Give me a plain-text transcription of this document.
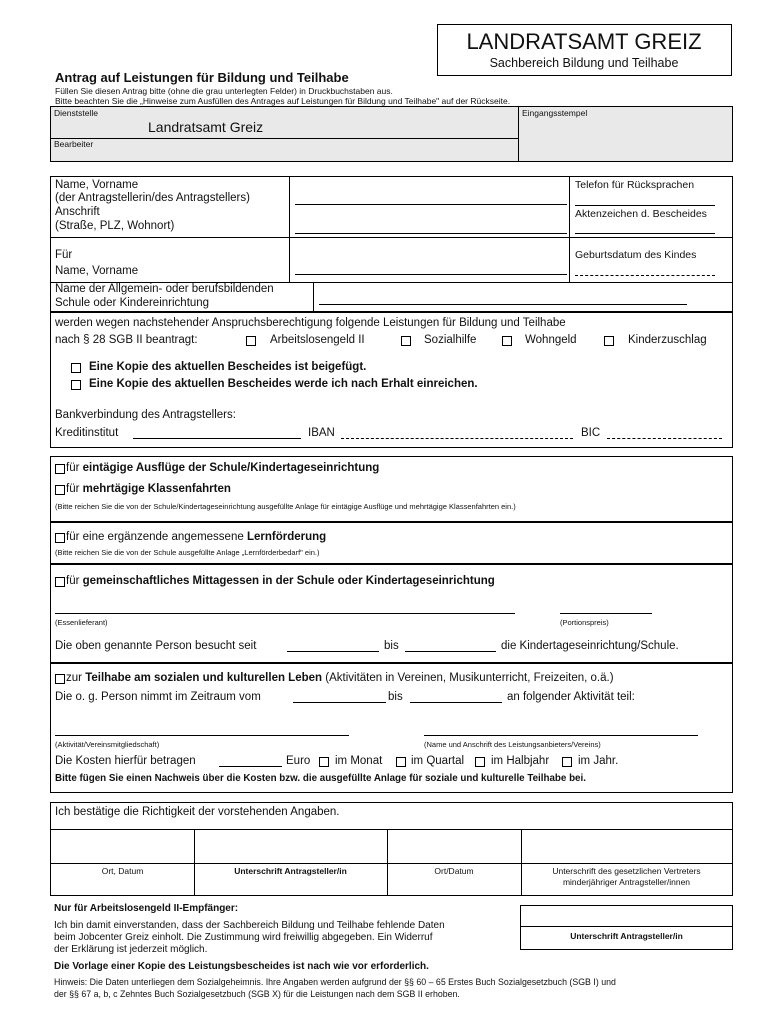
LANDRATSAMT GREIZ
Sachbereich Bildung und Teilhabe
Antrag auf Leistungen für Bildung und Teilhabe
Füllen Sie diesen Antrag bitte (ohne die grau unterlegten Felder) in Druckbuchstaben aus.
Bitte beachten Sie die „Hinweise zum Ausfüllen des Antrages auf Leistungen für Bildung und Teilhabe" auf der Rückseite.
Dienststelle
Landratsamt Greiz
Bearbeiter
Eingangsstempel
Name, Vorname
(der Antragstellerin/des Antragstellers)
Anschrift
(Straße, PLZ, Wohnort)
Telefon für Rücksprachen
Aktenzeichen d. Bescheides
Für
Name, Vorname
Geburtsdatum des Kindes
Name der Allgemein- oder berufsbildenden
Schule oder Kindereinrichtung
werden wegen nachstehender Anspruchsberechtigung folgende Leistungen für Bildung und Teilhabe
nach § 28 SGB II beantragt:	Arbeitslosengeld II	Sozialhilfe	Wohngeld	Kinderzuschlag
Eine Kopie des aktuellen Bescheides ist beigefügt.
Eine Kopie des aktuellen Bescheides werde ich nach Erhalt einreichen.
Bankverbindung des Antragstellers:
Kreditinstitut	IBAN	BIC
für eintägige Ausflüge der Schule/Kindertageseinrichtung
für mehrtägige Klassenfahrten
(Bitte reichen Sie die von der Schule/Kindertageseinrichtung ausgefüllte Anlage für eintägige Ausflüge und mehrtägige Klassenfahrten ein.)
für eine ergänzende angemessene Lernförderung
(Bitte reichen Sie die von der Schule ausgefüllte Anlage „Lernförderbedarf" ein.)
für gemeinschaftliches Mittagessen in der Schule oder Kindertageseinrichtung
(Essenlieferant)	(Portionspreis)
Die oben genannte Person besucht seit	bis	die Kindertageseinrichtung/Schule.
zur Teilhabe am sozialen und kulturellen Leben (Aktivitäten in Vereinen, Musikunterricht, Freizeiten, o.ä.)
Die o. g. Person nimmt im Zeitraum vom	bis	an folgender Aktivität teil:
(Aktivität/Vereinsmitgliedschaft)	(Name und Anschrift des Leistungsanbieters/Vereins)
Die Kosten hierfür betragen	Euro im Monat im Quartal im Halbjahr	im Jahr.
Bitte fügen Sie einen Nachweis über die Kosten bzw. die ausgefüllte Anlage für soziale und kulturelle Teilhabe bei.
Ich bestätige die Richtigkeit der vorstehenden Angaben.
Ort, Datum	Unterschrift Antragsteller/in	Ort/Datum	Unterschrift des gesetzlichen Vertreters
minderjähriger Antragsteller/innen
Nur für Arbeitslosengeld II-Empfänger:
Ich bin damit einverstanden, dass der Sachbereich Bildung und Teilhabe fehlende Daten
beim Jobcenter Greiz einholt. Die Zustimmung wird freiwillig abgegeben. Ein Widerruf
der Erklärung ist jederzeit möglich.
Unterschrift Antragsteller/in
Die Vorlage einer Kopie des Leistungsbescheides ist nach wie vor erforderlich.
Hinweis: Die Daten unterliegen dem Sozialgeheimnis. Ihre Angaben werden aufgrund der §§ 60 – 65 Erstes Buch Sozialgesetzbuch (SGB I) und
der §§ 67 a, b, c Zehntes Buch Sozialgesetzbuch (SGB X) für die Leistungen nach dem SGB II erhoben.
